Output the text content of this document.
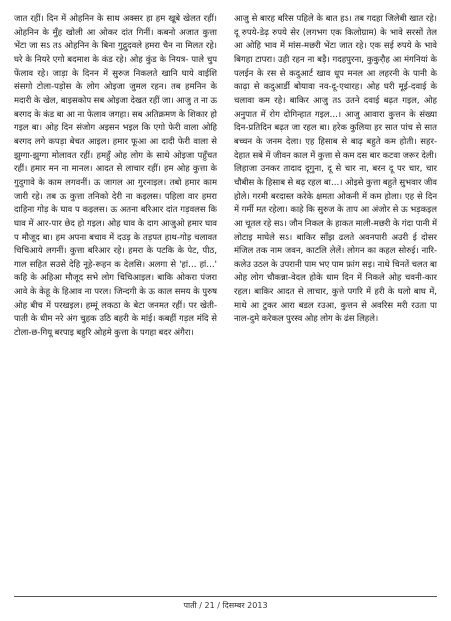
जात रहीं। दिन में ओहनिन के साथ अक्सर हा हम खूबे खेलत रहीं। ओहनिन के मुँह खोली आ ओकर दांत गिनीं। कबनो अजात कुत्ता भेंटा जा सऽ तऽ ओहनिन के बिना गुद्गुदवले हमरा चैन ना मिलत रहे। घरे के नियरे एगो बदमाश के कंड रहे। ओह कुंड के नियत्र- पाले चुप फेंलाव रहे। जाड़ा के दिनन में सुरुज निकलते खानि घाये वाईशि संसगो टोला-पड़ोस के लोग ओइजा जुमल रहन। तब हमनिन के मदारी के खेल, बाइसकोप सब ओइजा देखत रहीं जा। आजु त ना ऊ बरगद के कंड बा आ ना फेलाव जगहा। सब अतिक्रमण के शिकार हो गइल बा। ओह दिन संजोग अइसन भइल कि एगो फेरी वाला ओहि बरगद लगे कपड़ा बेचत आइल। हमार फूआ आ दादी फेरी वाला से झुग्गा-झुग्गा मोलावत रहीं। हमहुँ ओह लोग के साथे ओइजा पहुँचत रहीं। हमार मन ना मानल। आदत से लाचार रहीं। हम ओह कुत्ता के गुदुगावे के काम लगवनीं। ऊ जागल आ गुरनाइल। तबो हमार काम जारी रहे। तब ऊ कुत्ता तनिको देरी ना कइलस। पहिला वार हमरा दाहिना गोड़ के घाव प कइलस। ऊ अतना बरिआर दांत गड़वलस कि घाव में आर-पार छेद हो गइल। ओह घाव के दाग आजुओ हमार घाव प मौजूद बा। हम अपना बचाव में दउड़ के तड़पत हाथ-गोड़ चलावत चिचिआये लगनीं। कुत्ता बरिआर रहे। हमरा के पटकि के पेट, पीठ, गाल सहित सउसे देहि नूहे-रूहन क देलसि। अलगा से 'हां… हां…' कहि के अहिआ मौजूद सभे लोग चिचिआइल। बाकि ओकरा पंजरा आवे के केहू के हिआव ना परल। जिन्दगी के ऊ काल समय के पुरुष ओह बीच में परखइल। हम्मूं लकठा के बेटा जनमत रहीं। पर खेती-पाती के धीम नरे अंग चुहक उठि बहरी के मांई। कबहीं गड़ल मंदि से टोला-छ-गियू बरपाइ बहुरि ओहमे कुत्ता के पगहा बदर अंगैरा।

आजु से बारह बरिस पहिले के बात हऽ। तब गदहा जिलेबी खात रहे। दू रुपये-डेढ़ रुपये सेर (लगभग एक किलोग्राम) के भावे सरसों तेल आ ओहि भाव में मांस-मछरी भेंटा जात रहे। एक सई रुपये के भावे बिगहा टापरा। उही रहन ना बड़ै। गदहपुरना, कुकुरौ़ह आ मंगनियां के पलईन के रस से कदुआर्ट खाव धूप मनल आ लहरनी के पानी के काढ़ा से कदुआर्डी बोयावा नव-दू-एथारह। ओह घरी मूई-दवाई के चलावा कम रहे। बाकिर आजु तऽ उतने दवाई बढ़त गइल, ओह अनुपात में रोग दोगिन्हात गइल…। आजु आवारा कुत्तन के संख्या दिन-प्रतिदिन बढ़त जा रहल बा। हरेक कुलिया हर सात पांच से सात बच्चन के जनम देला। एह हिसाब से बाढ़ बहुते कम होती। सहर-देहात सबे में जीवन काल में कुत्ता से कम दस बार कटवा जरूर देली। लिहाजा उनकर तादाद दूगुना, दू से चार ना, बरन दू पर चार, चार चौबीस के हिसाब से बढ़ रहल बा…। ओइसे कुत्ता बहुते सुभवार जीव होले। गरमी बरदास्त करेके क्षमता ओकनी में कम होला। एह से दिन में गर्मी मत रहेला। काहे कि सुरुज के ताप आ अंजोर से ऊ भड़कइल आ चूतल रहे सऽ। जौन निकल के हाकत माली-मछरी के गंदा पानी में लोटाइ माघेले सऽ। बाकिर साँझ ढलते अवनपारी अउरी ई दोसर मंजिल तक नाम जवन, काटलि लेलें। लोगन का कहल सोरुई। नारि-कलेउ उठल के उपरानी पाम भए पाम फ़ांग सइ। नाथे चिनतें चलत बा ओह लोग चौकन्ना-वेदल होके धाम दिन में निकले ओह चवनी-कार रहल। बाकिर आदत से लाचार, कुत्ते पगरि में हरी के घलो बाघ में, माथे आ टुकर आरा बडल रउआ, कुत्तन से अवरिस मरी रउता पा नाल-दुमे करेकल पुरस्व ओह लोग के ढंस लिहले।

पाती / 21 / दिसम्बर 2013
